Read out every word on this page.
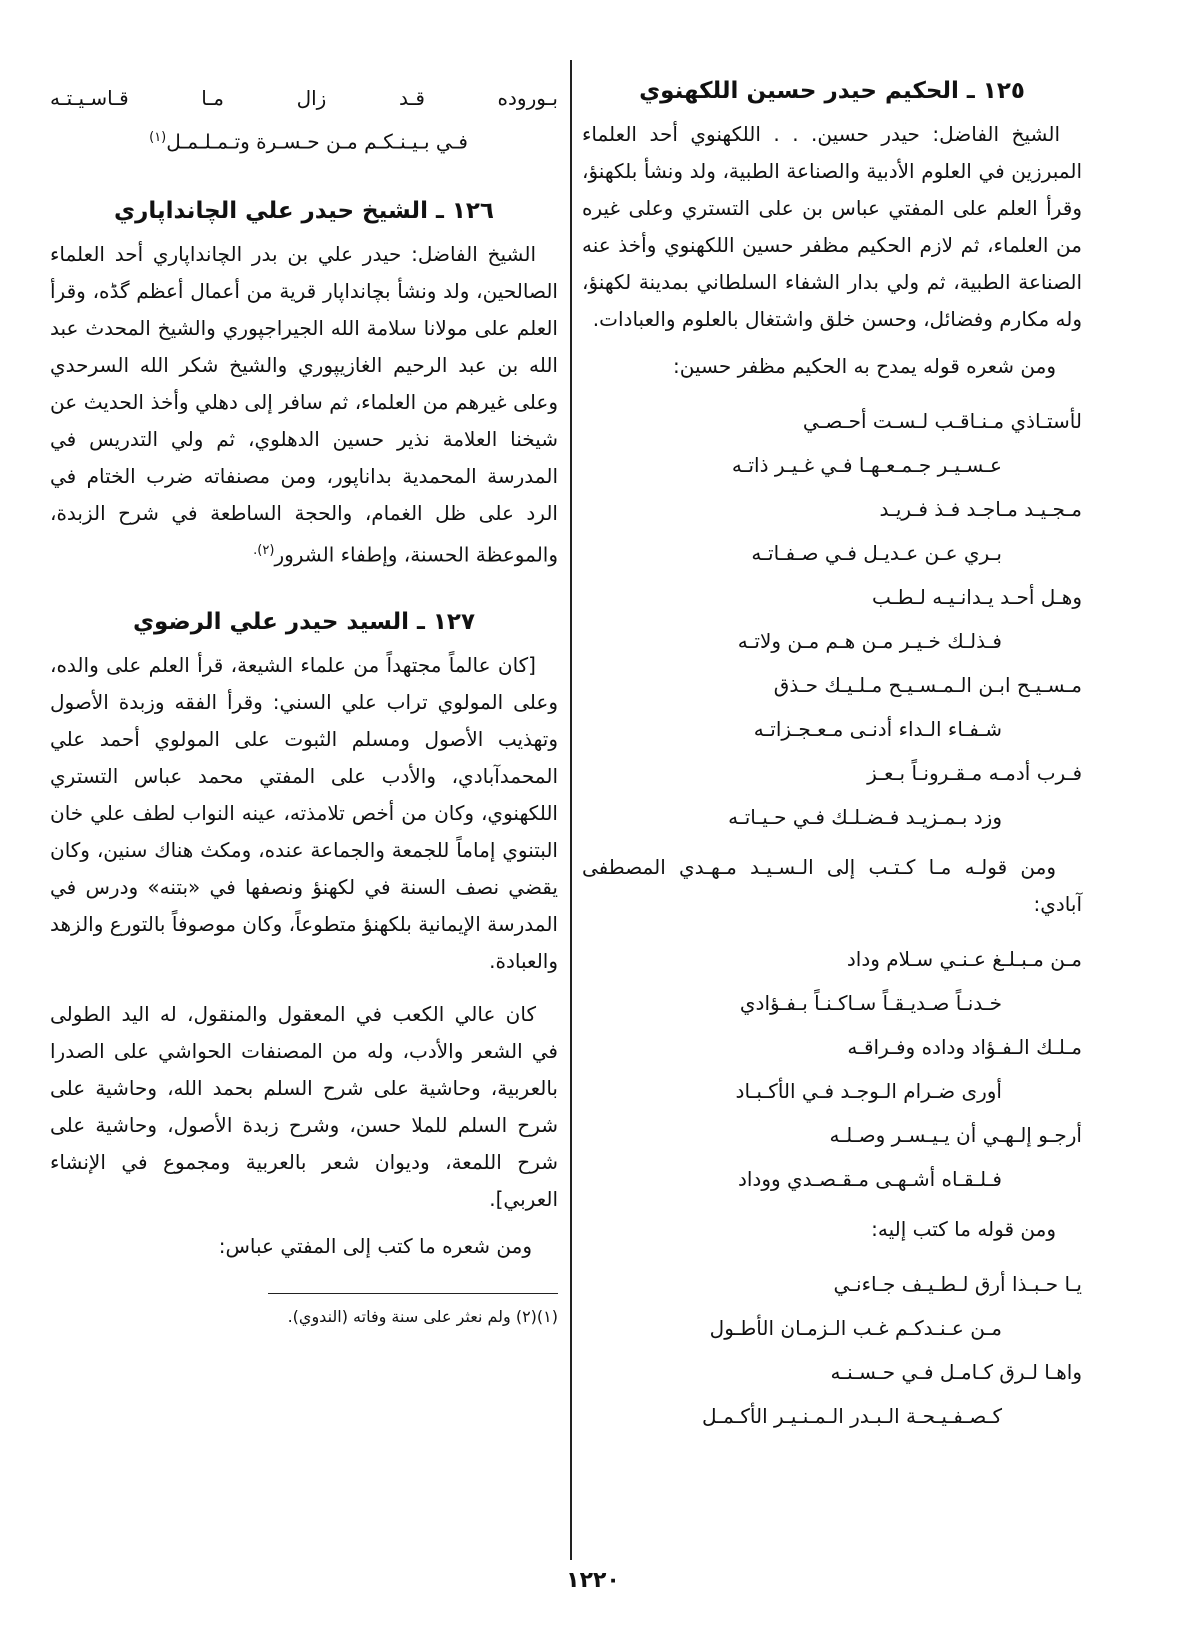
١٢٥ ـ الحكيم حيدر حسين اللكهنوي

الشيخ الفاضل: حيدر حسين. . . اللكهنوي أحد العلماء المبرزين في العلوم الأدبية والصناعة الطبية، ولد ونشأ بلكهنؤ، وقرأ العلم على المفتي عباس بن على التستري وعلى غيره من العلماء، ثم لازم الحكيم مظفر حسين اللكهنوي وأخذ عنه الصناعة الطبية، ثم ولي بدار الشفاء السلطاني بمدينة لكهنؤ، وله مكارم وفضائل، وحسن خلق واشتغال بالعلوم والعبادات.

ومن شعره قوله يمدح به الحكيم مظفر حسين:

لأستـاذي مـنـاقـب لـسـت أحـصـي
عـسـيـر جـمـعـهـا فـي غـيـر ذاتـه
مـجـيـد مـاجـد فـذ فـريـد
بـري عـن عـديـل فـي صـفـاتـه
وهـل أحـد يـدانـيـه لـطـب
فـذلـك خـيـر مـن هـم مـن ولاتـه
مـسـيـح ابـن الـمـسـيـح مـلـيـك حـذق
شـفـاء الـداء أدنـى مـعـجـزاتـه
فـرب أدمـه مـقـرونـاً بـعـز
وزد بـمـزيـد فـضـلـك فـي حـيـاتـه

ومن قولـه مـا كـتـب إلى الـسـيـد مـهـدي المصطفى آبادي:

مـن مـبـلـغ عـنـي سـلام وداد
خـدنـاً صـديـقـاً سـاكـنـاً بـفـؤادي
مـلـك الـفـؤاد وداده وفـراقـه
أورى ضـرام الـوجـد فـي الأكـبـاد
أرجـو إلـهـي أن يـيـسـر وصـلـه
فـلـقـاه أشـهـى مـقـصـدي ووداد

ومن قوله ما كتب إليه:

يـا حـبـذا أرق لـطـيـف جـاءنـي
مـن عـنـدكـم غـب الـزمـان الأطـول
واهـا لـرق كـامـل فـي حـسـنـه
كـصـفـيـحـة الـبـدر الـمـنـيـر الأكـمـل
بـوروده قـد زال مـا قـاسـيـتـه
فـي بـيـنـكـم مـن حـسـرة وتـمـلـمـل$^{(١)}$
١٢٦ ـ الشيخ حيدر علي الچانداپاري

الشيخ الفاضل: حيدر علي بن بدر الچانداپاري أحد العلماء الصالحين، ولد ونشأ بچانداپار قرية من أعمال أعظم گڈه، وقرأ العلم على مولانا سلامة الله الجيراجپوري والشيخ المحدث عبد الله بن عبد الرحيم الغازيپوري والشيخ شكر الله السرحدي وعلى غيرهم من العلماء، ثم سافر إلى دهلي وأخذ الحديث عن شيخنا العلامة نذير حسين الدهلوي، ثم ولي التدريس في المدرسة المحمدية بداناپور، ومن مصنفاته ضرب الختام في الرد على ظل الغمام، والحجة الساطعة في شرح الزبدة، والموعظة الحسنة، وإطفاء الشرور$^{(٢).}$

١٢٧ ـ السيد حيدر علي الرضوي

[كان عالماً مجتهداً من علماء الشيعة، قرأ العلم على والده، وعلى المولوي تراب علي السني: وقرأ الفقه وزبدة الأصول وتهذيب الأصول ومسلم الثبوت على المولوي أحمد علي المحمدآبادي، والأدب على المفتي محمد عباس التستري اللكهنوي، وكان من أخص تلامذته، عينه النواب لطف علي خان البتنوي إماماً للجمعة والجماعة عنده، ومكث هناك سنين، وكان يقضي نصف السنة في لكهنؤ ونصفها في «بتنه» ودرس في المدرسة الإيمانية بلكهنؤ متطوعاً، وكان موصوفاً بالتورع والزهد والعبادة.

كان عالي الكعب في المعقول والمنقول، له اليد الطولى في الشعر والأدب، وله من المصنفات الحواشي على الصدرا بالعربية، وحاشية على شرح السلم بحمد الله، وحاشية على شرح السلم للملا حسن، وشرح زبدة الأصول، وحاشية على شرح اللمعة، وديوان شعر بالعربية ومجموع في الإنشاء العربي].

ومن شعره ما كتب إلى المفتي عباس:

(١)(٢) ولم نعثر على سنة وفاته (الندوي).

١٢٢٠
